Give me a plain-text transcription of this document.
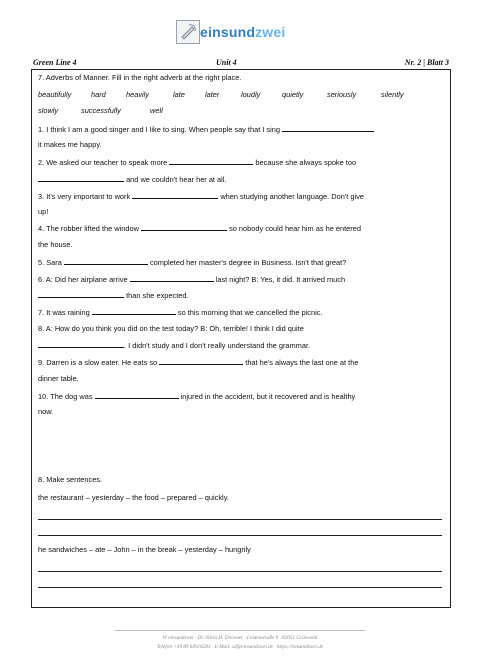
einsundzwei
Green Line 4	Unit 4	Nr. 2 | Blatt 3
7. Adverbs of Manner. Fill in the right adverb at the right place.
beautifully	hard	heavily	late	later	loudly	quietly	seriously	silently
slowly	successfully	well
1. I think I am a good singer and I like to sing. When people say that I sing
it makes me happy.
2. We asked our teacher to speak more	because she always spoke too
and we couldn't hear her at all.
3. It's very important to work	when studying another language. Don't give
up!
4. The robber lifted the window	so nobody could hear him as he entered
the house.
5. Sara	completed her master's degree in Business. Isn't that great?
6. A: Did her airplane arrive	last night? B: Yes, it did. It arrived much
than she expected.
7. It was raining	so this morning that we cancelled the picnic.
8. A: How do you think you did on the test today? B: Oh, terrible! I think I did quite
. I didn't study and I don't really understand the grammar.
9. Darren is a slow eater. He eats so	that he's always the last one at the
dinner table.
10. The dog was	injured in the accident, but it recovered and is healthy
now.
8. Make sentences.
the restaurant – yesterday – the food – prepared – quickly.
he sandwiches – ate – John – in the break – yesterday – hungrily
W einsundzwei · Dr. Silvia H. Drewner · Lindenstraße 9 · 82051 Grünwald
Telefon +49 89 64918283 · E-Mail: sd@einsundzwei.de · https://einsundzwei.de
